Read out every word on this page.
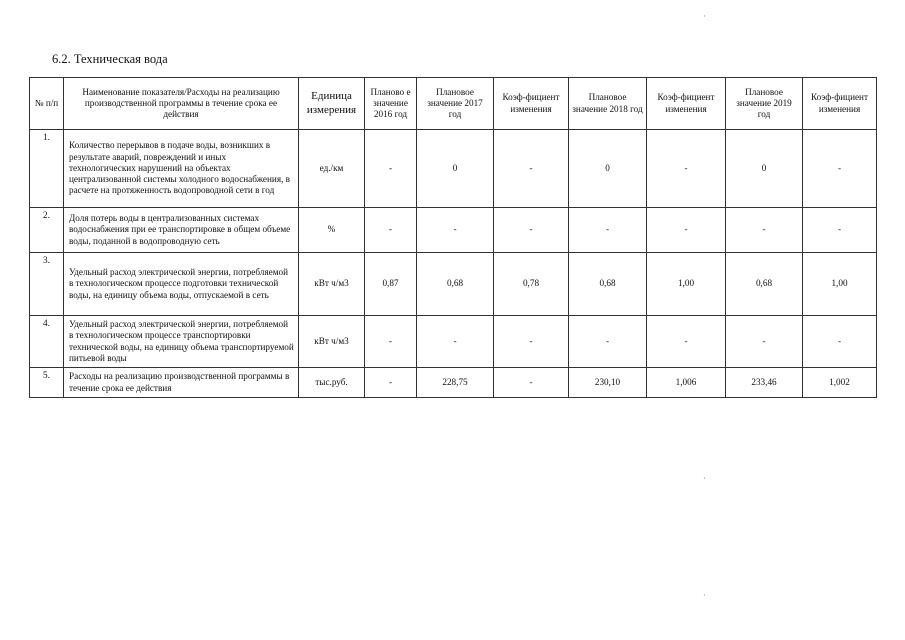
6.2. Техническая вода
№ п/п	Наименование показателя/Расходы на реализацию производственной программы в течение срока ее действия	Единица измерения	Планово е значение 2016 год	Плановое значение 2017 год	Коэф-фициент изменения	Плановое значение 2018 год	Коэф-фициент изменения	Плановое значение 2019 год	Коэф-фициент изменения
1.	Количество перерывов в подаче воды, возникших в результате аварий, повреждений и иных технологических нарушений на объектах централизованной системы холодного водоснабжения, в расчете на протяженность водопроводной сети в год	ед./км	-	0	-	0	-	0	-
2.	Доля потерь воды в централизованных системах водоснабжения при ее транспортировке в общем объеме воды, поданной в водопроводную сеть	%	-	-	-	-	-	-	-
3.	Удельный расход электрической энергии, потребляемой в технологическом процессе подготовки технической воды, на единицу объема воды, отпускаемой в сеть	кВт ч/м3	0,87	0,68	0,78	0,68	1,00	0,68	1,00
4.	Удельный расход электрической энергии, потребляемой в технологическом процессе транспортировки технической воды, на единицу объема транспортируемой питьевой воды	кВт ч/м3	-	-	-	-	-	-	-
5.	Расходы на реализацию производственной программы в течение срока ее действия	тыс.руб.	-	228,75	-	230,10	1,006	233,46	1,002
·
·
·
